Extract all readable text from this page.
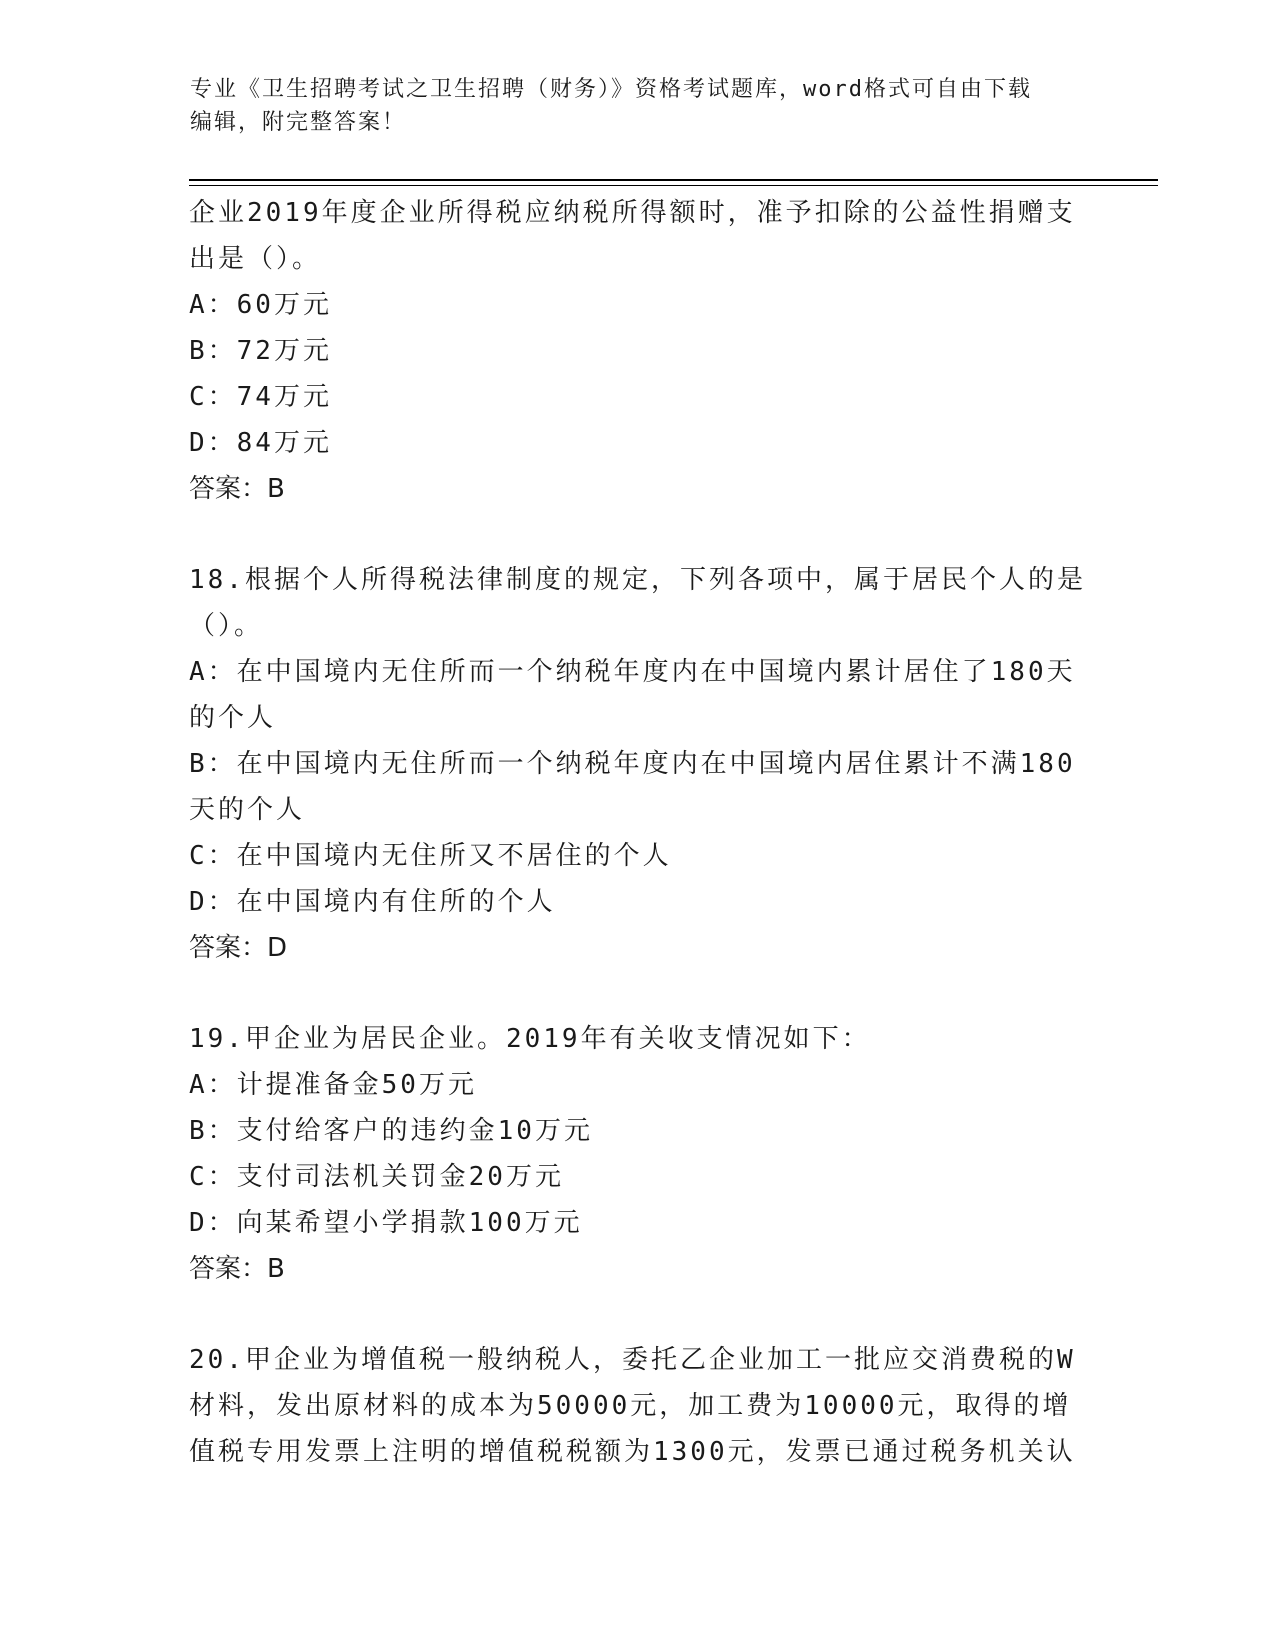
专业《卫生招聘考试之卫生招聘（财务）》资格考试题库，word格式可自由下载
编辑，附完整答案！
企业2019年度企业所得税应纳税所得额时，准予扣除的公益性捐赠支
出是（）。
A：60万元
B：72万元
C：74万元
D：84万元
答案：B
18.根据个人所得税法律制度的规定，下列各项中，属于居民个人的是
（）。
A：在中国境内无住所而一个纳税年度内在中国境内累计居住了180天
的个人
B：在中国境内无住所而一个纳税年度内在中国境内居住累计不满180
天的个人
C：在中国境内无住所又不居住的个人
D：在中国境内有住所的个人
答案：D
19.甲企业为居民企业。2019年有关收支情况如下：
A：计提准备金50万元
B：支付给客户的违约金10万元
C：支付司法机关罚金20万元
D：向某希望小学捐款100万元
答案：B
20.甲企业为增值税一般纳税人，委托乙企业加工一批应交消费税的W
材料，发出原材料的成本为50000元，加工费为10000元，取得的增
值税专用发票上注明的增值税税额为1300元，发票已通过税务机关认
